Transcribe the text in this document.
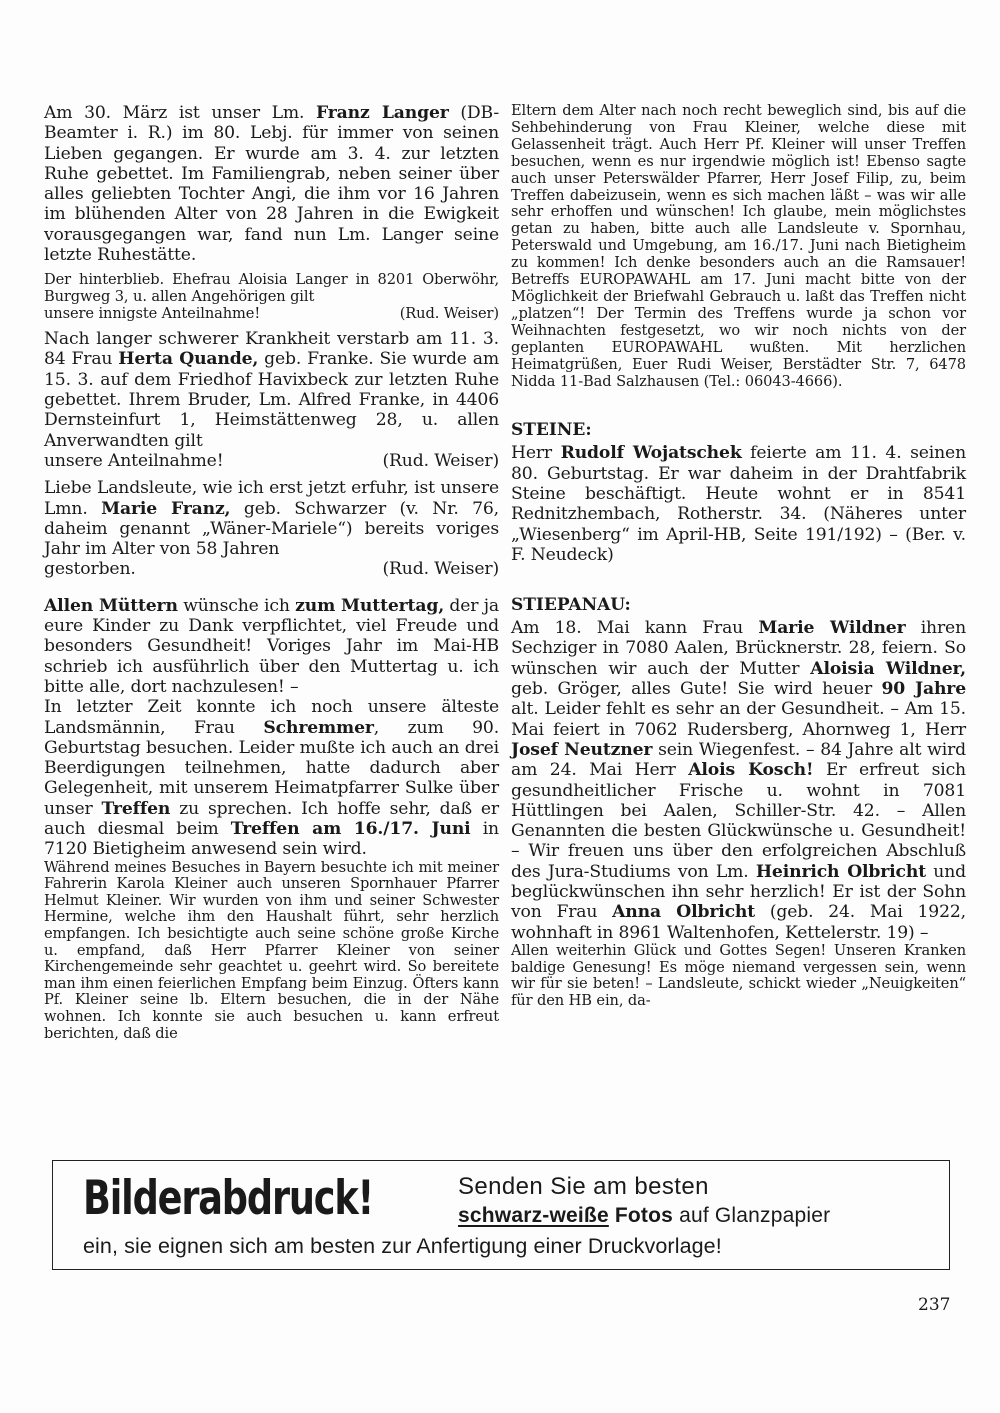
Am 30. März ist unser Lm. Franz Langer (DB-Beamter i. R.) im 80. Lebj. für immer von seinen Lieben gegangen. Er wurde am 3. 4. zur letzten Ruhe gebettet. Im Familiengrab, neben seiner über alles geliebten Tochter Angi, die ihm vor 16 Jahren im blühenden Alter von 28 Jahren in die Ewigkeit vorausgegangen war, fand nun Lm. Langer seine letzte Ruhestätte.

Der hinterblieb. Ehefrau Aloisia Langer in 8201 Oberwöhr, Burgweg 3, u. allen Angehörigen gilt
unsere innigste Anteilnahme!	(Rud. Weiser)
Nach langer schwerer Krankheit verstarb am 11. 3. 84 Frau Herta Quande, geb. Franke. Sie wurde am 15. 3. auf dem Friedhof Havixbeck zur letzten Ruhe gebettet. Ihrem Bruder, Lm. Alfred Franke, in 4406 Dernsteinfurt 1, Heimstättenweg 28, u. allen Anverwandten gilt
unsere Anteilnahme!	(Rud. Weiser)
Liebe Landsleute, wie ich erst jetzt erfuhr, ist unsere Lmn. Marie Franz, geb. Schwarzer (v. Nr. 76, daheim genannt „Wäner-Mariele“) bereits voriges Jahr im Alter von 58 Jahren
gestorben.	(Rud. Weiser)

Allen Müttern wünsche ich zum Muttertag, der ja eure Kinder zu Dank verpflichtet, viel Freude und besonders Gesundheit! Voriges Jahr im Mai-HB schrieb ich ausführlich über den Muttertag u. ich bitte alle, dort nachzulesen! –

In letzter Zeit konnte ich noch unsere älteste Landsmännin, Frau Schremmer, zum 90. Geburtstag besuchen. Leider mußte ich auch an drei Beerdigungen teilnehmen, hatte dadurch aber Gelegenheit, mit unserem Heimatpfarrer Sulke über unser Treffen zu sprechen. Ich hoffe sehr, daß er auch diesmal beim Treffen am 16./17. Juni in 7120 Bietigheim anwesend sein wird.

Während meines Besuches in Bayern besuchte ich mit meiner Fahrerin Karola Kleiner auch unseren Spornhauer Pfarrer Helmut Kleiner. Wir wurden von ihm und seiner Schwester Hermine, welche ihm den Haushalt führt, sehr herzlich empfangen. Ich besichtigte auch seine schöne große Kirche u. empfand, daß Herr Pfarrer Kleiner von seiner Kirchengemeinde sehr geachtet u. geehrt wird. So bereitete man ihm einen feierlichen Empfang beim Einzug. Öfters kann Pf. Kleiner seine lb. Eltern besuchen, die in der Nähe wohnen. Ich konnte sie auch besuchen u. kann erfreut berichten, daß die

Eltern dem Alter nach noch recht beweglich sind, bis auf die Sehbehinderung von Frau Kleiner, welche diese mit Gelassenheit trägt. Auch Herr Pf. Kleiner will unser Treffen besuchen, wenn es nur irgendwie möglich ist! Ebenso sagte auch unser Peterswälder Pfarrer, Herr Josef Filip, zu, beim Treffen dabeizusein, wenn es sich machen läßt – was wir alle sehr erhoffen und wünschen! Ich glaube, mein möglichstes getan zu haben, bitte auch alle Landsleute v. Spornhau, Peterswald und Umgebung, am 16./17. Juni nach Bietigheim zu kommen! Ich denke besonders auch an die Ramsauer! Betreffs EUROPAWAHL am 17. Juni macht bitte von der Möglichkeit der Briefwahl Gebrauch u. laßt das Treffen nicht „platzen“! Der Termin des Treffens wurde ja schon vor Weihnachten festgesetzt, wo wir noch nichts von der geplanten EUROPAWAHL wußten. Mit herzlichen Heimatgrüßen, Euer Rudi Weiser, Berstädter Str. 7, 6478 Nidda 11-Bad Salzhausen (Tel.: 06043-4666).

STEINE:

Herr Rudolf Wojatschek feierte am 11. 4. seinen 80. Geburtstag. Er war daheim in der Drahtfabrik Steine beschäftigt. Heute wohnt er in 8541 Rednitzhembach, Rotherstr. 34. (Näheres unter „Wiesenberg“ im April-HB, Seite 191/192) – (Ber. v. F. Neudeck)

STIEPANAU:

Am 18. Mai kann Frau Marie Wildner ihren Sechziger in 7080 Aalen, Brücknerstr. 28, feiern. So wünschen wir auch der Mutter Aloisia Wildner, geb. Gröger, alles Gute! Sie wird heuer 90 Jahre alt. Leider fehlt es sehr an der Gesundheit. – Am 15. Mai feiert in 7062 Rudersberg, Ahornweg 1, Herr Josef Neutzner sein Wiegenfest. – 84 Jahre alt wird am 24. Mai Herr Alois Kosch! Er erfreut sich gesundheitlicher Frische u. wohnt in 7081 Hüttlingen bei Aalen, Schiller-Str. 42. – Allen Genannten die besten Glückwünsche u. Gesundheit! – Wir freuen uns über den erfolgreichen Abschluß des Jura-Studiums von Lm. Heinrich Olbricht und beglückwünschen ihn sehr herzlich! Er ist der Sohn von Frau Anna Olbricht (geb. 24. Mai 1922, wohnhaft in 8961 Waltenhofen, Kettelerstr. 19) –

Allen weiterhin Glück und Gottes Segen! Unseren Kranken baldige Genesung! Es möge niemand vergessen sein, wenn wir für sie beten! – Landsleute, schickt wieder „Neuigkeiten“ für den HB ein, da-

Bilderabdruck!	Senden Sie am besten
schwarz-weiße Fotos auf Glanzpapier
ein, sie eignen sich am besten zur Anfertigung einer Druckvorlage!
237
